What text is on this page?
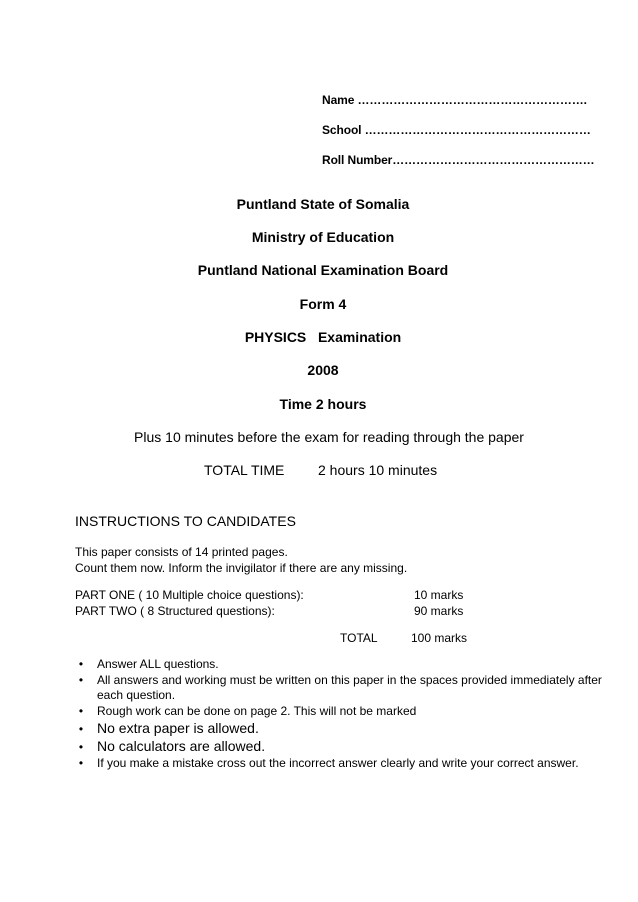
Name ………………………………………………….
School …………………………………………………
Roll Number……………………………………………
Puntland State of Somalia
Ministry of Education
Puntland National Examination Board
Form 4
PHYSICS   Examination
2008
Time 2 hours
Plus 10 minutes before the exam for reading through the paper
TOTAL TIME 2 hours 10 minutes
INSTRUCTIONS TO CANDIDATES
This paper consists of 14 printed pages.
Count them now. Inform the invigilator if there are any missing.
PART ONE ( 10 Multiple choice questions):	10 marks
PART TWO ( 8 Structured questions):	90 marks
TOTAL	100 marks
•	Answer ALL questions.
•	All answers and working must be written on this paper in the spaces provided immediately after each question.
•	Rough work can be done on page 2. This will not be marked
• No extra paper is allowed.
• No calculators are allowed.
•	If you make a mistake cross out the incorrect answer clearly and write your correct answer.
